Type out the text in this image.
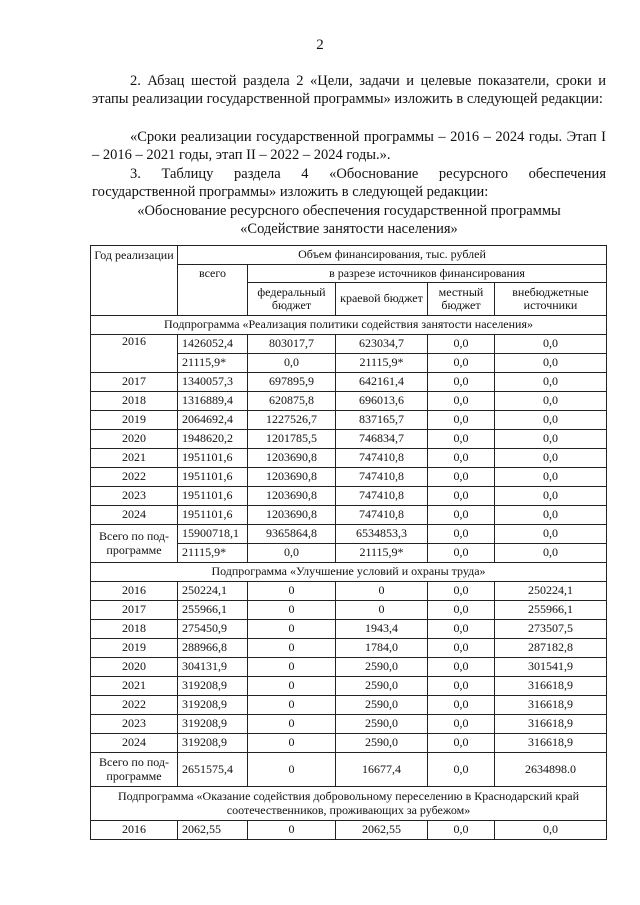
2
2. Абзац шестой раздела 2 «Цели, задачи и целевые показатели, сроки и этапы реализации государственной программы» изложить в следующей редакции:
«Сроки реализации государственной программы – 2016 – 2024 годы. Этап I – 2016 – 2021 годы, этап II – 2022 – 2024 годы.».
3. Таблицу раздела 4 «Обоснование ресурсного обеспечения государственной программы» изложить в следующей редакции:
«Обоснование ресурсного обеспечения государственной программы
«Содействие занятости населения»
Год реализации	Объем финансирования, тыс. рублей				
	всего	в разрезе источников финансирования			
		федеральный бюджет	краевой бюджет	местный бюджет	внебюджетные источники
Подпрограмма «Реализация политики содействия занятости населения»					
2016	1426052,4	803017,7	623034,7	0,0	0,0
	21115,9*	0,0	21115,9*	0,0	0,0
2017	1340057,3	697895,9	642161,4	0,0	0,0
2018	1316889,4	620875,8	696013,6	0,0	0,0
2019	2064692,4	1227526,7	837165,7	0,0	0,0
2020	1948620,2	1201785,5	746834,7	0,0	0,0
2021	1951101,6	1203690,8	747410,8	0,0	0,0
2022	1951101,6	1203690,8	747410,8	0,0	0,0
2023	1951101,6	1203690,8	747410,8	0,0	0,0
2024	1951101,6	1203690,8	747410,8	0,0	0,0
Всего по под-программе	15900718,1	9365864,8	6534853,3	0,0	0,0
	21115,9*	0,0	21115,9*	0,0	0,0
Подпрограмма «Улучшение условий и охраны труда»					
2016	250224,1	0	0	0,0	250224,1
2017	255966,1	0	0	0,0	255966,1
2018	275450,9	0	1943,4	0,0	273507,5
2019	288966,8	0	1784,0	0,0	287182,8
2020	304131,9	0	2590,0	0,0	301541,9
2021	319208,9	0	2590,0	0,0	316618,9
2022	319208,9	0	2590,0	0,0	316618,9
2023	319208,9	0	2590,0	0,0	316618,9
2024	319208,9	0	2590,0	0,0	316618,9
Всего по под-программе	2651575,4	0	16677,4	0,0	2634898.0
Подпрограмма «Оказание содействия добровольному переселению в Краснодарский край соотечественников, проживающих за рубежом»					
2016	2062,55	0	2062,55	0,0	0,0
